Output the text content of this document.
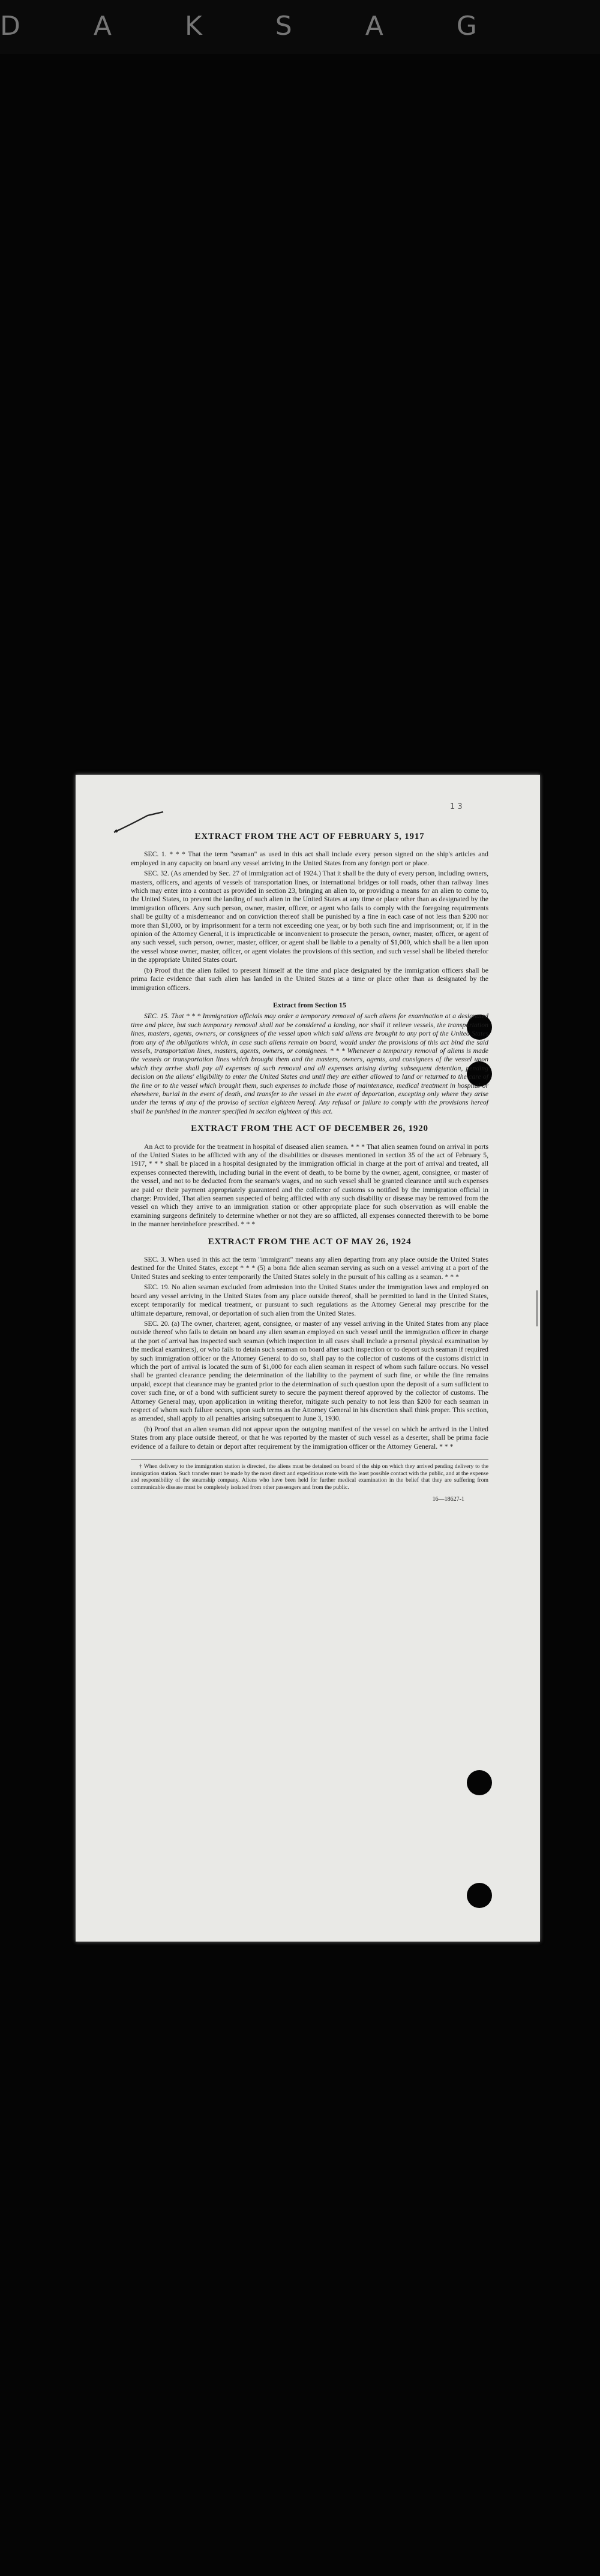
D A K S A G
1 3
EXTRACT FROM THE ACT OF FEBRUARY 5, 1917

SEC. 1. * * * That the term "seaman" as used in this act shall include every person signed on the ship's articles and employed in any capacity on board any vessel arriving in the United States from any foreign port or place.

SEC. 32. (As amended by Sec. 27 of immigration act of 1924.) That it shall be the duty of every person, including owners, masters, officers, and agents of vessels of transportation lines, or international bridges or toll roads, other than railway lines which may enter into a contract as provided in section 23, bringing an alien to, or providing a means for an alien to come to, the United States, to prevent the landing of such alien in the United States at any time or place other than as designated by the immigration officers. Any such person, owner, master, officer, or agent who fails to comply with the foregoing requirements shall be guilty of a misdemeanor and on conviction thereof shall be punished by a fine in each case of not less than $200 nor more than $1,000, or by imprisonment for a term not exceeding one year, or by both such fine and imprisonment; or, if in the opinion of the Attorney General, it is impracticable or inconvenient to prosecute the person, owner, master, officer, or agent of any such vessel, such person, owner, master, officer, or agent shall be liable to a penalty of $1,000, which shall be a lien upon the vessel whose owner, master, officer, or agent violates the provisions of this section, and such vessel shall be libeled therefor in the appropriate United States court.

(b) Proof that the alien failed to present himself at the time and place designated by the immigration officers shall be prima facie evidence that such alien has landed in the United States at a time or place other than as designated by the immigration officers.

Extract from Section 15

SEC. 15. That * * * Immigration officials may order a temporary removal of such aliens for examination at a designated time and place, but such temporary removal shall not be considered a landing, nor shall it relieve vessels, the transportation lines, masters, agents, owners, or consignees of the vessel upon which said aliens are brought to any port of the United States from any of the obligations which, in case such aliens remain on board, would under the provisions of this act bind the said vessels, transportation lines, masters, agents, owners, or consignees. * * * Whenever a temporary removal of aliens is made the vessels or transportation lines which brought them and the masters, owners, agents, and consignees of the vessel upon which they arrive shall pay all expenses of such removal and all expenses arising during subsequent detention, pending decision on the aliens' eligibility to enter the United States and until they are either allowed to land or returned to the care of the line or to the vessel which brought them, such expenses to include those of maintenance, medical treatment in hospital or elsewhere, burial in the event of death, and transfer to the vessel in the event of deportation, excepting only where they arise under the terms of any of the proviso of section eighteen hereof. Any refusal or failure to comply with the provisions hereof shall be punished in the manner specified in section eighteen of this act.

EXTRACT FROM THE ACT OF DECEMBER 26, 1920

An Act to provide for the treatment in hospital of diseased alien seamen. * * * That alien seamen found on arrival in ports of the United States to be afflicted with any of the disabilities or diseases mentioned in section 35 of the act of February 5, 1917, * * * shall be placed in a hospital designated by the immigration official in charge at the port of arrival and treated, all expenses connected therewith, including burial in the event of death, to be borne by the owner, agent, consignee, or master of the vessel, and not to be deducted from the seaman's wages, and no such vessel shall be granted clearance until such expenses are paid or their payment appropriately guaranteed and the collector of customs so notified by the immigration official in charge: Provided, That alien seamen suspected of being afflicted with any such disability or disease may be removed from the vessel on which they arrive to an immigration station or other appropriate place for such observation as will enable the examining surgeons definitely to determine whether or not they are so afflicted, all expenses connected therewith to be borne in the manner hereinbefore prescribed. * * *

EXTRACT FROM THE ACT OF MAY 26, 1924

SEC. 3. When used in this act the term "immigrant" means any alien departing from any place outside the United States destined for the United States, except * * * (5) a bona fide alien seaman serving as such on a vessel arriving at a port of the United States and seeking to enter temporarily the United States solely in the pursuit of his calling as a seaman. * * *

SEC. 19. No alien seaman excluded from admission into the United States under the immigration laws and employed on board any vessel arriving in the United States from any place outside thereof, shall be permitted to land in the United States, except temporarily for medical treatment, or pursuant to such regulations as the Attorney General may prescribe for the ultimate departure, removal, or deportation of such alien from the United States.

SEC. 20. (a) The owner, charterer, agent, consignee, or master of any vessel arriving in the United States from any place outside thereof who fails to detain on board any alien seaman employed on such vessel until the immigration officer in charge at the port of arrival has inspected such seaman (which inspection in all cases shall include a personal physical examination by the medical examiners), or who fails to detain such seaman on board after such inspection or to deport such seaman if required by such immigration officer or the Attorney General to do so, shall pay to the collector of customs of the customs district in which the port of arrival is located the sum of $1,000 for each alien seaman in respect of whom such failure occurs. No vessel shall be granted clearance pending the determination of the liability to the payment of such fine, or while the fine remains unpaid, except that clearance may be granted prior to the determination of such question upon the deposit of a sum sufficient to cover such fine, or of a bond with sufficient surety to secure the payment thereof approved by the collector of customs. The Attorney General may, upon application in writing therefor, mitigate such penalty to not less than $200 for each seaman in respect of whom such failure occurs, upon such terms as the Attorney General in his discretion shall think proper. This section, as amended, shall apply to all penalties arising subsequent to June 3, 1930.

(b) Proof that an alien seaman did not appear upon the outgoing manifest of the vessel on which he arrived in the United States from any place outside thereof, or that he was reported by the master of such vessel as a deserter, shall be prima facie evidence of a failure to detain or deport after requirement by the immigration officer or the Attorney General. * * *

† When delivery to the immigration station is directed, the aliens must be detained on board of the ship on which they arrived pending delivery to the immigration station. Such transfer must be made by the most direct and expeditious route with the least possible contact with the public, and at the expense and responsibility of the steamship company. Aliens who have been held for further medical examination in the belief that they are suffering from communicable disease must be completely isolated from other passengers and from the public.

16—18627-1
